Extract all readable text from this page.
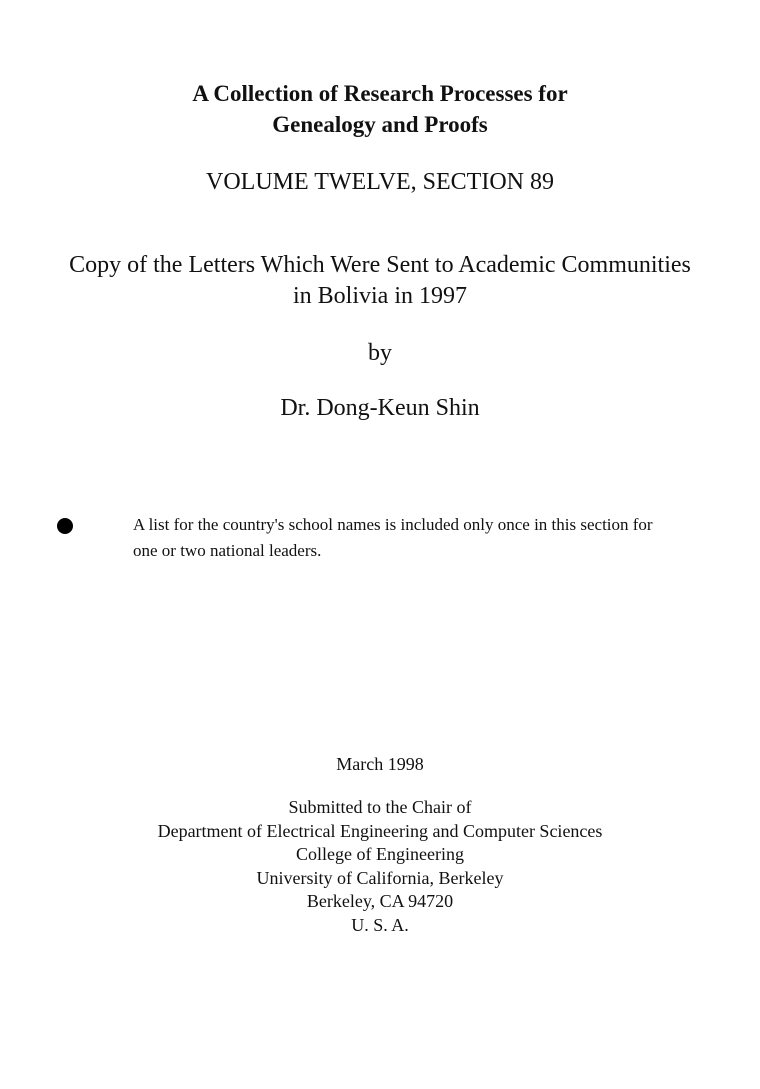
A Collection of Research Processes for
Genealogy and Proofs
VOLUME TWELVE, SECTION 89
Copy of the Letters Which Were Sent to Academic Communities
in Bolivia in 1997
by
Dr. Dong-Keun Shin
A list for the country's school names is included only once in this section for
one or two national leaders.
March 1998
Submitted to the Chair of
Department of Electrical Engineering and Computer Sciences
College of Engineering
University of California, Berkeley
Berkeley, CA 94720
U. S. A.
